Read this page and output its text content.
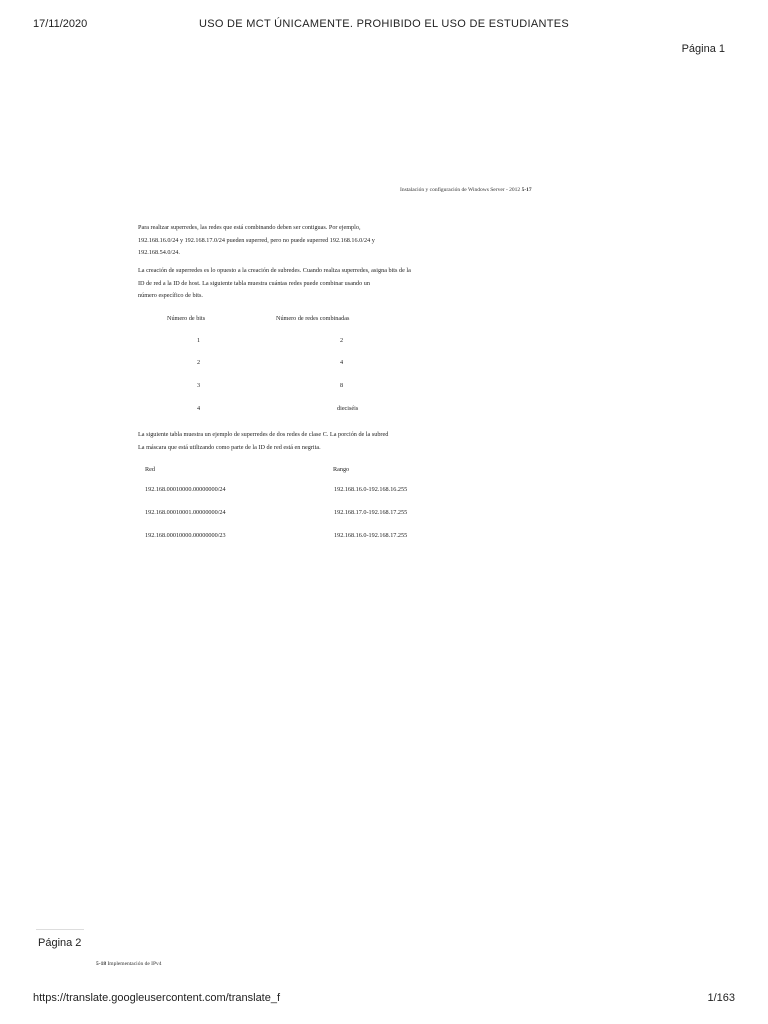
17/11/2020	USO DE MCT ÚNICAMENTE. PROHIBIDO EL USO DE ESTUDIANTES
Página 1
Instalación y configuración de Windows Server - 2012 5-17
Para realizar superredes, las redes que está combinando deben ser contiguas. Por ejemplo,
192.168.16.0/24 y 192.168.17.0/24 pueden superred, pero no puede superred 192.168.16.0/24 y
192.168.54.0/24.
La creación de superredes es lo opuesto a la creación de subredes. Cuando realiza superredes, asigna bits de la
ID de red a la ID de host. La siguiente tabla muestra cuántas redes puede combinar usando un
número específico de bits.
Número de bits	Número de redes combinadas
1	2
2	4
3	8
4	dieciséis
La siguiente tabla muestra un ejemplo de superredes de dos redes de clase C. La porción de la subred
La máscara que está utilizando como parte de la ID de red está en negrita.
Red	Rango
192.168.00010000.00000000/24	192.168.16.0-192.168.16.255
192.168.00010001.00000000/24	192.168.17.0-192.168.17.255
192.168.00010000.00000000/23	192.168.16.0-192.168.17.255
Página 2
5-18 Implementación de IPv4
https://translate.googleusercontent.com/translate_f	1/163
